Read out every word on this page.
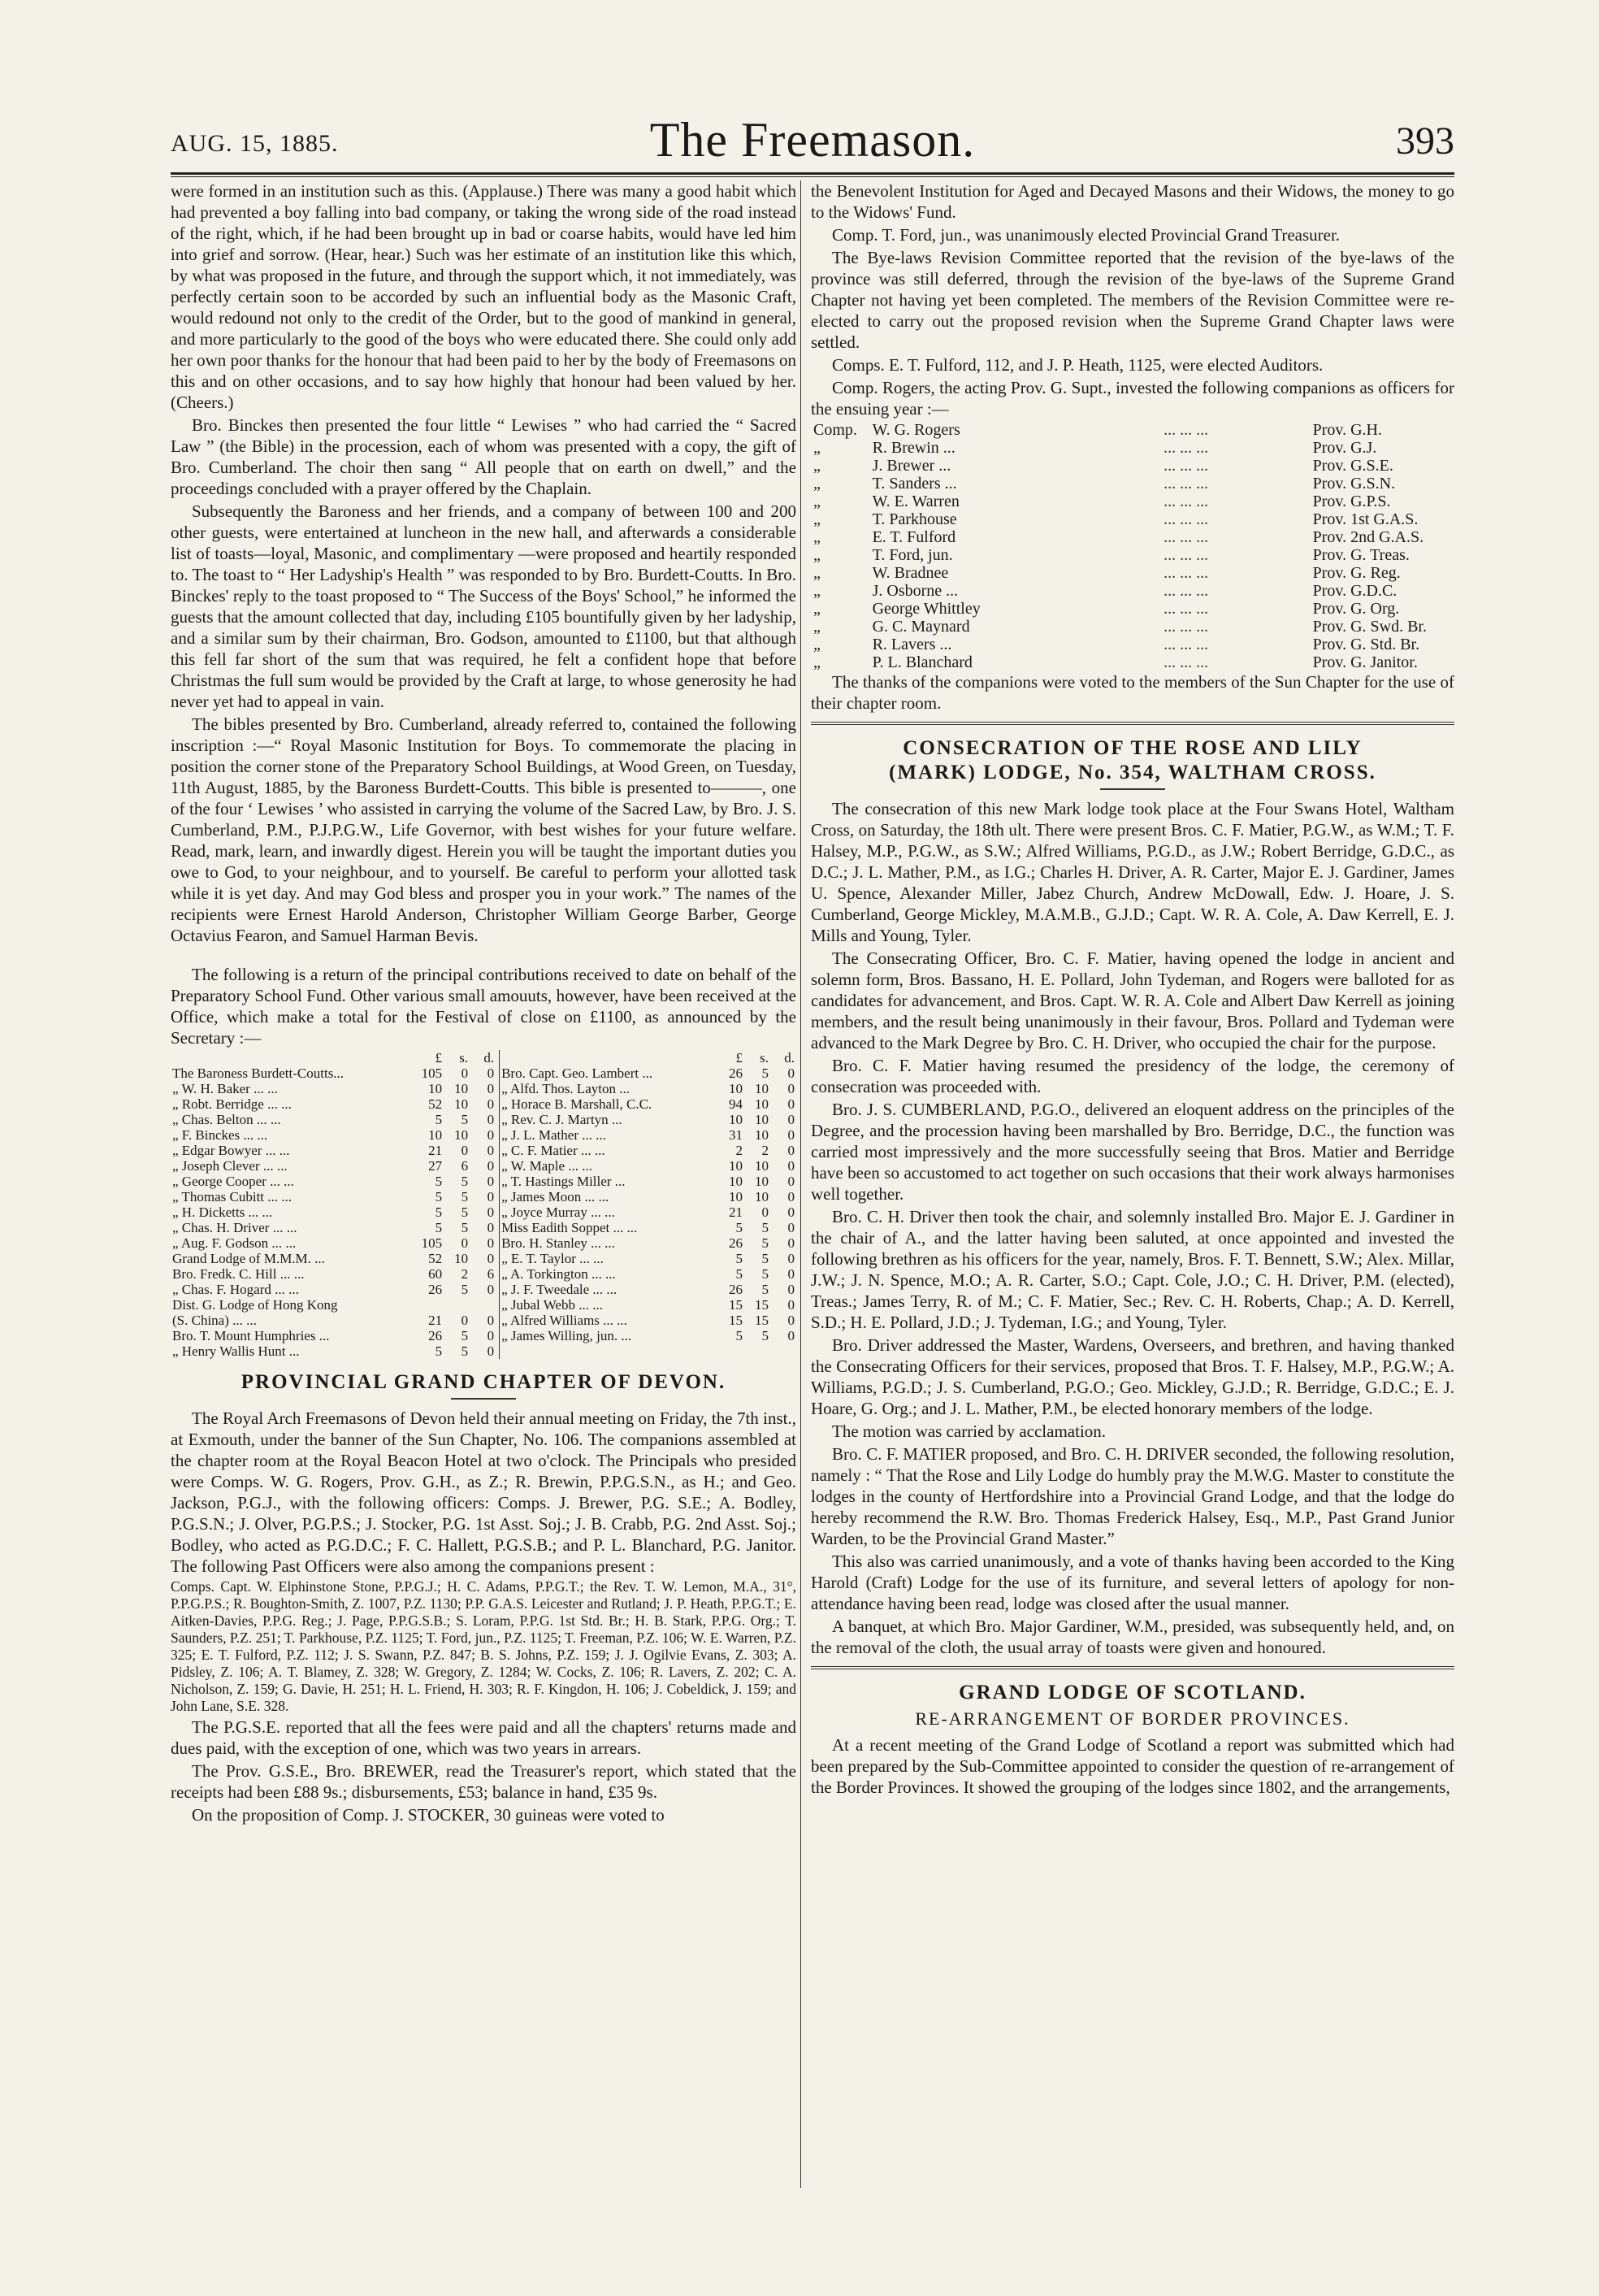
AUG. 15, 1885.	The Freemason.	393

were formed in an institution such as this. (Applause.) There was many a good habit which had prevented a boy falling into bad company, or taking the wrong side of the road instead of the right, which, if he had been brought up in bad or coarse habits, would have led him into grief and sorrow. (Hear, hear.) Such was her estimate of an institution like this which, by what was proposed in the future, and through the support which, it not immediately, was perfectly certain soon to be accorded by such an influential body as the Masonic Craft, would redound not only to the credit of the Order, but to the good of mankind in general, and more particularly to the good of the boys who were educated there. She could only add her own poor thanks for the honour that had been paid to her by the body of Freemasons on this and on other occasions, and to say how highly that honour had been valued by her. (Cheers.)

Bro. Binckes then presented the four little “ Lewises ” who had carried the “ Sacred Law ” (the Bible) in the procession, each of whom was presented with a copy, the gift of Bro. Cumberland. The choir then sang “ All people that on earth on dwell,” and the proceedings concluded with a prayer offered by the Chaplain.

Subsequently the Baroness and her friends, and a company of between 100 and 200 other guests, were entertained at luncheon in the new hall, and afterwards a considerable list of toasts—loyal, Masonic, and complimentary —were proposed and heartily responded to. The toast to “ Her Ladyship's Health ” was responded to by Bro. Burdett-Coutts. In Bro. Binckes' reply to the toast proposed to “ The Success of the Boys' School,” he informed the guests that the amount collected that day, including £105 bountifully given by her ladyship, and a similar sum by their chairman, Bro. Godson, amounted to £1100, but that although this fell far short of the sum that was required, he felt a confident hope that before Christmas the full sum would be provided by the Craft at large, to whose generosity he had never yet had to appeal in vain.

The bibles presented by Bro. Cumberland, already referred to, contained the following inscription :—“ Royal Masonic Institution for Boys. To commemorate the placing in position the corner stone of the Preparatory School Buildings, at Wood Green, on Tuesday, 11th August, 1885, by the Baroness Burdett-Coutts. This bible is presented to———, one of the four ‘ Lewises ’ who assisted in carrying the volume of the Sacred Law, by Bro. J. S. Cumberland, P.M., P.J.P.G.W., Life Governor, with best wishes for your future welfare. Read, mark, learn, and inwardly digest. Herein you will be taught the important duties you owe to God, to your neighbour, and to yourself. Be careful to perform your allotted task while it is yet day. And may God bless and prosper you in your work.” The names of the recipients were Ernest Harold Anderson, Christopher William George Barber, George Octavius Fearon, and Samuel Harman Bevis.

The following is a return of the principal contributions received to date on behalf of the Preparatory School Fund. Other various small amouuts, however, have been received at the Office, which make a total for the Festival of close on £1100, as announced by the Secretary :—

	£	s.	d.			£	s.	d.
The Baroness Burdett-Coutts...	105	0	0		Bro. Capt. Geo. Lambert ...	26	5	0
„ W. H. Baker ... ...	10	10	0		„ Alfd. Thos. Layton ...	10	10	0
„ Robt. Berridge ... ...	52	10	0		„ Horace B. Marshall, C.C.	94	10	0
„ Chas. Belton ... ...	5	5	0		„ Rev. C. J. Martyn ...	10	10	0
„ F. Binckes ... ...	10	10	0		„ J. L. Mather ... ...	31	10	0
„ Edgar Bowyer ... ...	21	0	0		„ C. F. Matier ... ...	2	2	0
„ Joseph Clever ... ...	27	6	0		„ W. Maple ... ...	10	10	0
„ George Cooper ... ...	5	5	0		„ T. Hastings Miller ...	10	10	0
„ Thomas Cubitt ... ...	5	5	0		„ James Moon ... ...	10	10	0
„ H. Dicketts ... ...	5	5	0		„ Joyce Murray ... ...	21	0	0
„ Chas. H. Driver ... ...	5	5	0		Miss Eadith Soppet ... ...	5	5	0
„ Aug. F. Godson ... ...	105	0	0		Bro. H. Stanley ... ...	26	5	0
Grand Lodge of M.M.M. ...	52	10	0		„ E. T. Taylor ... ...	5	5	0
Bro. Fredk. C. Hill ... ...	60	2	6		„ A. Torkington ... ...	5	5	0
„ Chas. F. Hogard ... ...	26	5	0		„ J. F. Tweedale ... ...	26	5	0
Dist. G. Lodge of Hong Kong					„ Jubal Webb ... ...	15	15	0
(S. China) ... ...	21	0	0		„ Alfred Williams ... ...	15	15	0
Bro. T. Mount Humphries ...	26	5	0		„ James Willing, jun. ...	5	5	0
„ Henry Wallis Hunt ...	5	5	0					
PROVINCIAL GRAND CHAPTER OF DEVON.

The Royal Arch Freemasons of Devon held their annual meeting on Friday, the 7th inst., at Exmouth, under the banner of the Sun Chapter, No. 106. The companions assembled at the chapter room at the Royal Beacon Hotel at two o'clock. The Principals who presided were Comps. W. G. Rogers, Prov. G.H., as Z.; R. Brewin, P.P.G.S.N., as H.; and Geo. Jackson, P.G.J., with the following officers: Comps. J. Brewer, P.G. S.E.; A. Bodley, P.G.S.N.; J. Olver, P.G.P.S.; J. Stocker, P.G. 1st Asst. Soj.; J. B. Crabb, P.G. 2nd Asst. Soj.; Bodley, who acted as P.G.D.C.; F. C. Hallett, P.G.S.B.; and P. L. Blanchard, P.G. Janitor. The following Past Officers were also among the companions present :

Comps. Capt. W. Elphinstone Stone, P.P.G.J.; H. C. Adams, P.P.G.T.; the Rev. T. W. Lemon, M.A., 31°, P.P.G.P.S.; R. Boughton-Smith, Z. 1007, P.Z. 1130; P.P. G.A.S. Leicester and Rutland; J. P. Heath, P.P.G.T.; E. Aitken-Davies, P.P.G. Reg.; J. Page, P.P.G.S.B.; S. Loram, P.P.G. 1st Std. Br.; H. B. Stark, P.P.G. Org.; T. Saunders, P.Z. 251; T. Parkhouse, P.Z. 1125; T. Ford, jun., P.Z. 1125; T. Freeman, P.Z. 106; W. E. Warren, P.Z. 325; E. T. Fulford, P.Z. 112; J. S. Swann, P.Z. 847; B. S. Johns, P.Z. 159; J. J. Ogilvie Evans, Z. 303; A. Pidsley, Z. 106; A. T. Blamey, Z. 328; W. Gregory, Z. 1284; W. Cocks, Z. 106; R. Lavers, Z. 202; C. A. Nicholson, Z. 159; G. Davie, H. 251; H. L. Friend, H. 303; R. F. Kingdon, H. 106; J. Cobeldick, J. 159; and John Lane, S.E. 328.

The P.G.S.E. reported that all the fees were paid and all the chapters' returns made and dues paid, with the exception of one, which was two years in arrears.

The Prov. G.S.E., Bro. BREWER, read the Treasurer's report, which stated that the receipts had been £88 9s.; disbursements, £53; balance in hand, £35 9s.

On the proposition of Comp. J. STOCKER, 30 guineas were voted to

the Benevolent Institution for Aged and Decayed Masons and their Widows, the money to go to the Widows' Fund.

Comp. T. Ford, jun., was unanimously elected Provincial Grand Treasurer.

The Bye-laws Revision Committee reported that the revision of the bye-laws of the province was still deferred, through the revision of the bye-laws of the Supreme Grand Chapter not having yet been completed. The members of the Revision Committee were re-elected to carry out the proposed revision when the Supreme Grand Chapter laws were settled.

Comps. E. T. Fulford, 112, and J. P. Heath, 1125, were elected Auditors.

Comp. Rogers, the acting Prov. G. Supt., invested the following companions as officers for the ensuing year :—

Comp.	W. G. Rogers	... ... ...	Prov. G.H.
„	R. Brewin ...	... ... ...	Prov. G.J.
„	J. Brewer ...	... ... ...	Prov. G.S.E.
„	T. Sanders ...	... ... ...	Prov. G.S.N.
„	W. E. Warren	... ... ...	Prov. G.P.S.
„	T. Parkhouse	... ... ...	Prov. 1st G.A.S.
„	E. T. Fulford	... ... ...	Prov. 2nd G.A.S.
„	T. Ford, jun.	... ... ...	Prov. G. Treas.
„	W. Bradnee	... ... ...	Prov. G. Reg.
„	J. Osborne ...	... ... ...	Prov. G.D.C.
„	George Whittley	... ... ...	Prov. G. Org.
„	G. C. Maynard	... ... ...	Prov. G. Swd. Br.
„	R. Lavers ...	... ... ...	Prov. G. Std. Br.
„	P. L. Blanchard	... ... ...	Prov. G. Janitor.

The thanks of the companions were voted to the members of the Sun Chapter for the use of their chapter room.

CONSECRATION OF THE ROSE AND LILY
(MARK) LODGE, No. 354, WALTHAM CROSS.

The consecration of this new Mark lodge took place at the Four Swans Hotel, Waltham Cross, on Saturday, the 18th ult. There were present Bros. C. F. Matier, P.G.W., as W.M.; T. F. Halsey, M.P., P.G.W., as S.W.; Alfred Williams, P.G.D., as J.W.; Robert Berridge, G.D.C., as D.C.; J. L. Mather, P.M., as I.G.; Charles H. Driver, A. R. Carter, Major E. J. Gardiner, James U. Spence, Alexander Miller, Jabez Church, Andrew McDowall, Edw. J. Hoare, J. S. Cumberland, George Mickley, M.A.M.B., G.J.D.; Capt. W. R. A. Cole, A. Daw Kerrell, E. J. Mills and Young, Tyler.

The Consecrating Officer, Bro. C. F. Matier, having opened the lodge in ancient and solemn form, Bros. Bassano, H. E. Pollard, John Tydeman, and Rogers were balloted for as candidates for advancement, and Bros. Capt. W. R. A. Cole and Albert Daw Kerrell as joining members, and the result being unanimously in their favour, Bros. Pollard and Tydeman were advanced to the Mark Degree by Bro. C. H. Driver, who occupied the chair for the purpose.

Bro. C. F. Matier having resumed the presidency of the lodge, the ceremony of consecration was proceeded with.

Bro. J. S. CUMBERLAND, P.G.O., delivered an eloquent address on the principles of the Degree, and the procession having been marshalled by Bro. Berridge, D.C., the function was carried most impressively and the more successfully seeing that Bros. Matier and Berridge have been so accustomed to act together on such occasions that their work always harmonises well together.

Bro. C. H. Driver then took the chair, and solemnly installed Bro. Major E. J. Gardiner in the chair of A., and the latter having been saluted, at once appointed and invested the following brethren as his officers for the year, namely, Bros. F. T. Bennett, S.W.; Alex. Millar, J.W.; J. N. Spence, M.O.; A. R. Carter, S.O.; Capt. Cole, J.O.; C. H. Driver, P.M. (elected), Treas.; James Terry, R. of M.; C. F. Matier, Sec.; Rev. C. H. Roberts, Chap.; A. D. Kerrell, S.D.; H. E. Pollard, J.D.; J. Tydeman, I.G.; and Young, Tyler.

Bro. Driver addressed the Master, Wardens, Overseers, and brethren, and having thanked the Consecrating Officers for their services, proposed that Bros. T. F. Halsey, M.P., P.G.W.; A. Williams, P.G.D.; J. S. Cumberland, P.G.O.; Geo. Mickley, G.J.D.; R. Berridge, G.D.C.; E. J. Hoare, G. Org.; and J. L. Mather, P.M., be elected honorary members of the lodge.

The motion was carried by acclamation.

Bro. C. F. MATIER proposed, and Bro. C. H. DRIVER seconded, the following resolution, namely : “ That the Rose and Lily Lodge do humbly pray the M.W.G. Master to constitute the lodges in the county of Hertfordshire into a Provincial Grand Lodge, and that the lodge do hereby recommend the R.W. Bro. Thomas Frederick Halsey, Esq., M.P., Past Grand Junior Warden, to be the Provincial Grand Master.”

This also was carried unanimously, and a vote of thanks having been accorded to the King Harold (Craft) Lodge for the use of its furniture, and several letters of apology for non-attendance having been read, lodge was closed after the usual manner.

A banquet, at which Bro. Major Gardiner, W.M., presided, was subsequently held, and, on the removal of the cloth, the usual array of toasts were given and honoured.

GRAND LODGE OF SCOTLAND.
RE-ARRANGEMENT OF BORDER PROVINCES.

At a recent meeting of the Grand Lodge of Scotland a report was submitted which had been prepared by the Sub-Committee appointed to consider the question of re-arrangement of the Border Provinces. It showed the grouping of the lodges since 1802, and the arrangements,
